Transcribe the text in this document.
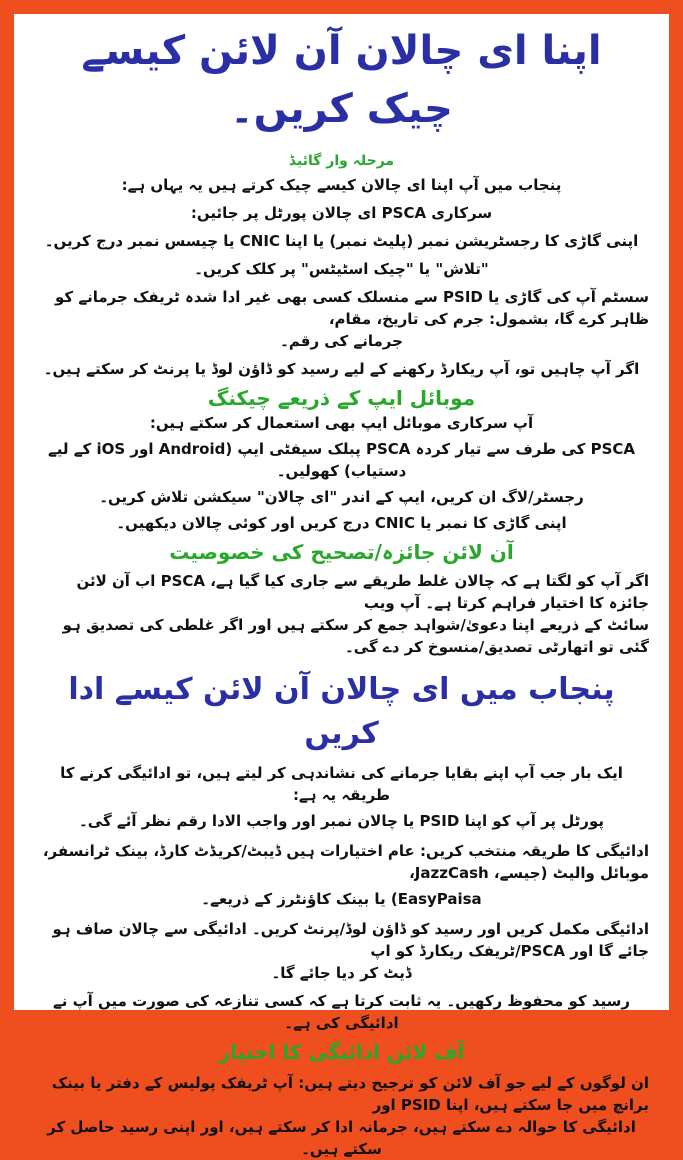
اپنا ای چالان آن لائن کیسے چیک کریں۔
مرحلہ وار گائیڈ
پنجاب میں آپ اپنا ای چالان کیسے چیک کرتے ہیں یہ یہاں ہے:
سرکاری PSCA ای چالان پورٹل پر جائیں:
اپنی گاڑی کا رجسٹریشن نمبر (پلیٹ نمبر) یا اپنا CNIC یا چیسس نمبر درج کریں۔
"تلاش" یا "چیک اسٹیٹس" پر کلک کریں۔
سسٹم آپ کی گاڑی یا PSID سے منسلک کسی بھی غیر ادا شدہ ٹریفک جرمانے کو ظاہر کرے گا، بشمول: جرم کی تاریخ، مقام،
جرمانے کی رقم۔
اگر آپ چاہیں تو، آپ ریکارڈ رکھنے کے لیے رسید کو ڈاؤن لوڈ یا پرنٹ کر سکتے ہیں۔
موبائل ایپ کے ذریعے چیکنگ
آپ سرکاری موبائل ایپ بھی استعمال کر سکتے ہیں:
PSCA کی طرف سے تیار کردہ PSCA پبلک سیفٹی ایپ (Android اور iOS کے لیے دستیاب) کھولیں۔
رجسٹر/لاگ ان کریں، ایپ کے اندر "ای چالان" سیکشن تلاش کریں۔
اپنی گاڑی کا نمبر یا CNIC درج کریں اور کوئی چالان دیکھیں۔
آن لائن جائزہ/تصحیح کی خصوصیت
اگر آپ کو لگتا ہے کہ چالان غلط طریقے سے جاری کیا گیا ہے، PSCA اب آن لائن جائزہ کا اختیار فراہم کرتا ہے۔ آپ ویب
سائٹ کے ذریعے اپنا دعویٰ/شواہد جمع کر سکتے ہیں اور اگر غلطی کی تصدیق ہو گئی تو اتھارٹی تصدیق/منسوخ کر دے گی۔
پنجاب میں ای چالان آن لائن کیسے ادا کریں
ایک بار جب آپ اپنے بقایا جرمانے کی نشاندہی کر لیتے ہیں، تو ادائیگی کرنے کا طریقہ یہ ہے:
پورٹل پر آپ کو اپنا PSID یا چالان نمبر اور واجب الادا رقم نظر آئے گی۔
ادائیگی کا طریقہ منتخب کریں: عام اختیارات ہیں ڈیبٹ/کریڈٹ کارڈ، بینک ٹرانسفر، موبائل والیٹ (جیسے، JazzCash،
EasyPaisa) یا بینک کاؤنٹرز کے ذریعے۔
ادائیگی مکمل کریں اور رسید کو ڈاؤن لوڈ/پرنٹ کریں۔ ادائیگی سے چالان صاف ہو جائے گا اور PSCA/ٹریفک ریکارڈ کو اپ
ڈیٹ کر دیا جائے گا۔
رسید کو محفوظ رکھیں۔ یہ ثابت کرتا ہے کہ کسی تنازعہ کی صورت میں آپ نے ادائیگی کی ہے۔
آف لائن ادائیگی کا اختیار
ان لوگوں کے لیے جو آف لائن کو ترجیح دیتے ہیں: آپ ٹریفک پولیس کے دفتر یا بینک برانچ میں جا سکتے ہیں، اپنا PSID اور
ادائیگی کا حوالہ دے سکتے ہیں، جرمانہ ادا کر سکتے ہیں، اور اپنی رسید حاصل کر سکتے ہیں۔
